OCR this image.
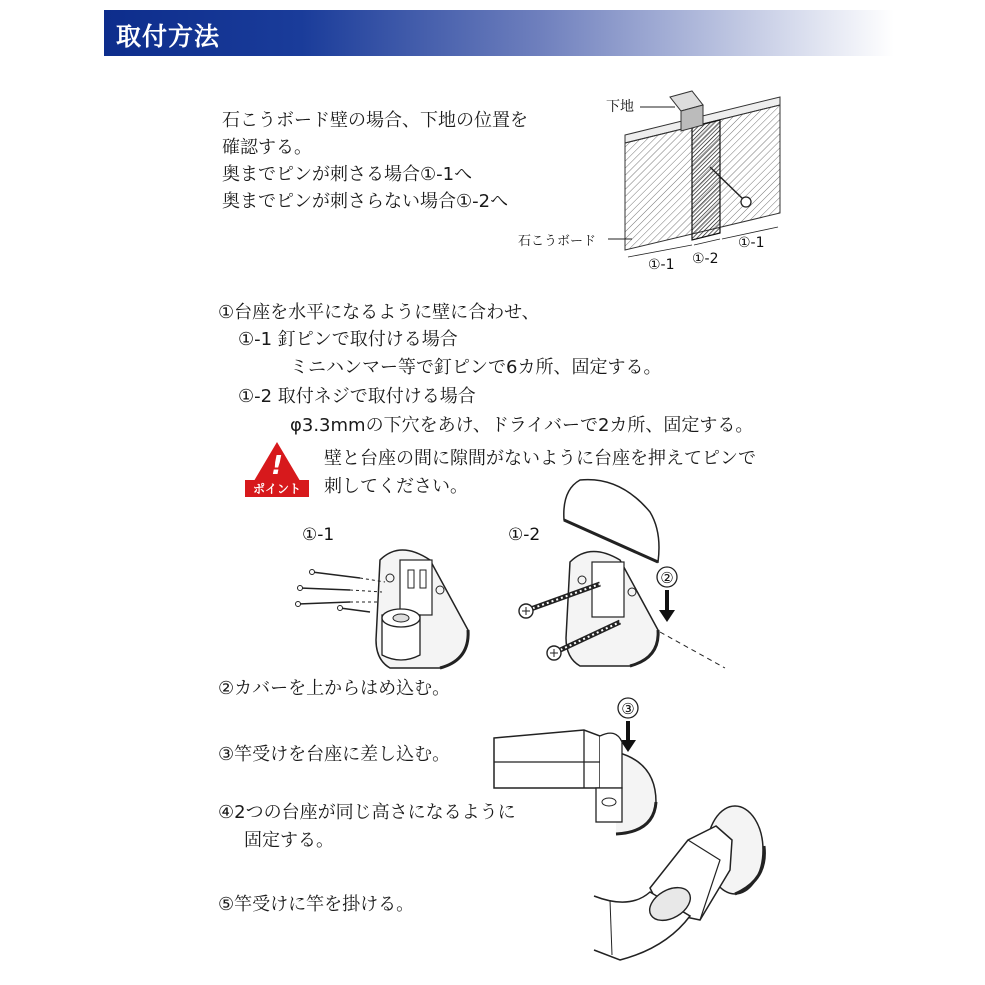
取付方法
石こうボード壁の場合、下地の位置を
確認する。
奥までピンが刺さる場合①-1へ
奥までピンが刺さらない場合①-2へ
下地
石こうボード
①-1 ①-2
①-1
①台座を水平になるように壁に合わせ、
①-1 釘ピンで取付ける場合
ミニハンマー等で釘ピンで6カ所、固定する。
①-2 取付ネジで取付ける場合
φ3.3mmの下穴をあけ、ドライバーで2カ所、固定する。
!
ポイント
壁と台座の間に隙間がないように台座を押えてピンで
刺してください。
①-1	①-2
②
②カバーを上からはめ込む。
③竿受けを台座に差し込む。
④2つの台座が同じ高さになるように
固定する。
⑤竿受けに竿を掛ける。
③
